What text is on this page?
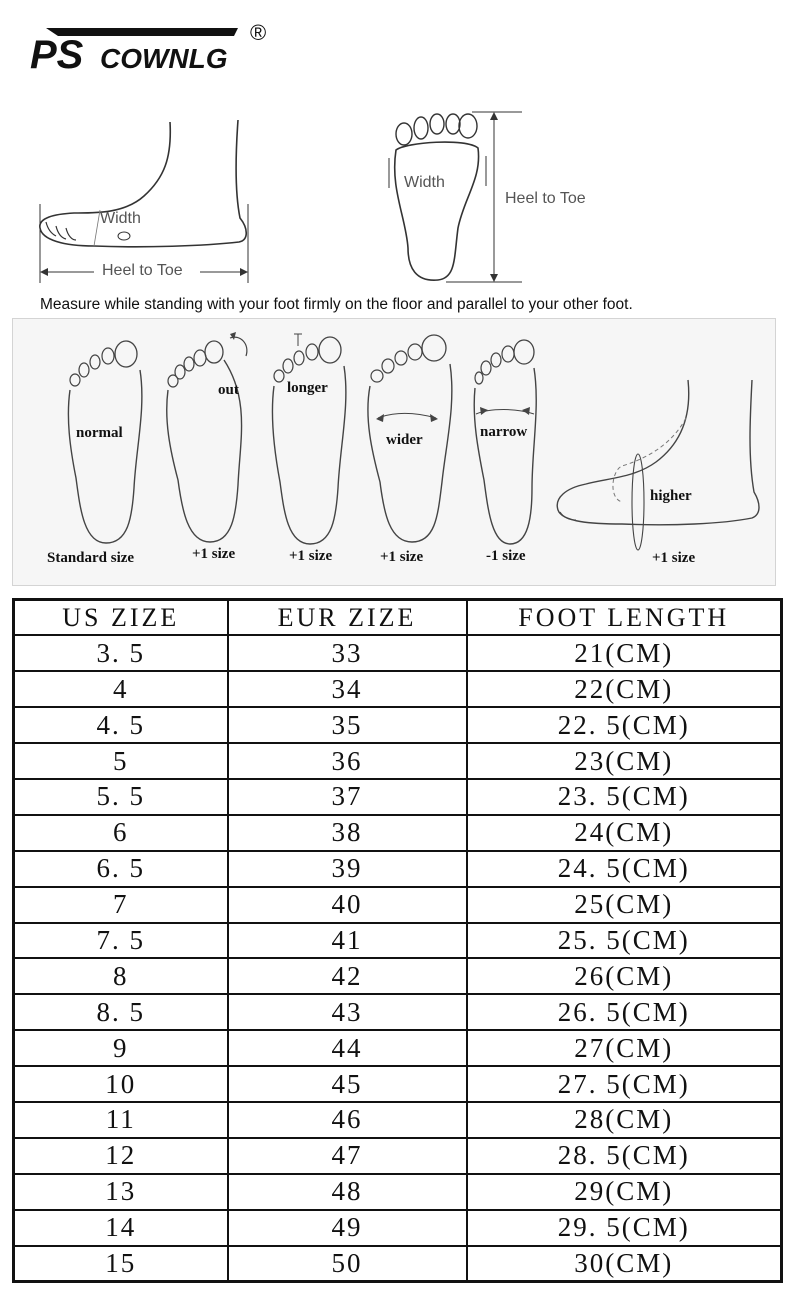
PS COWNLG
®
Width
Heel to Toe
Width
Heel to Toe
Measure while standing with your foot firmly on the floor and parallel to your other foot.
normal
Standard size
out
+1 size
longer
+1 size
wider
+1 size
narrow
-1 size
higher
+1 size
US ZIZE	EUR ZIZE	FOOT LENGTH
3. 5	33	21(CM)
4	34	22(CM)
4. 5	35	22. 5(CM)
5	36	23(CM)
5. 5	37	23. 5(CM)
6	38	24(CM)
6. 5	39	24. 5(CM)
7	40	25(CM)
7. 5	41	25. 5(CM)
8	42	26(CM)
8. 5	43	26. 5(CM)
9	44	27(CM)
10	45	27. 5(CM)
11	46	28(CM)
12	47	28. 5(CM)
13	48	29(CM)
14	49	29. 5(CM)
15	50	30(CM)
